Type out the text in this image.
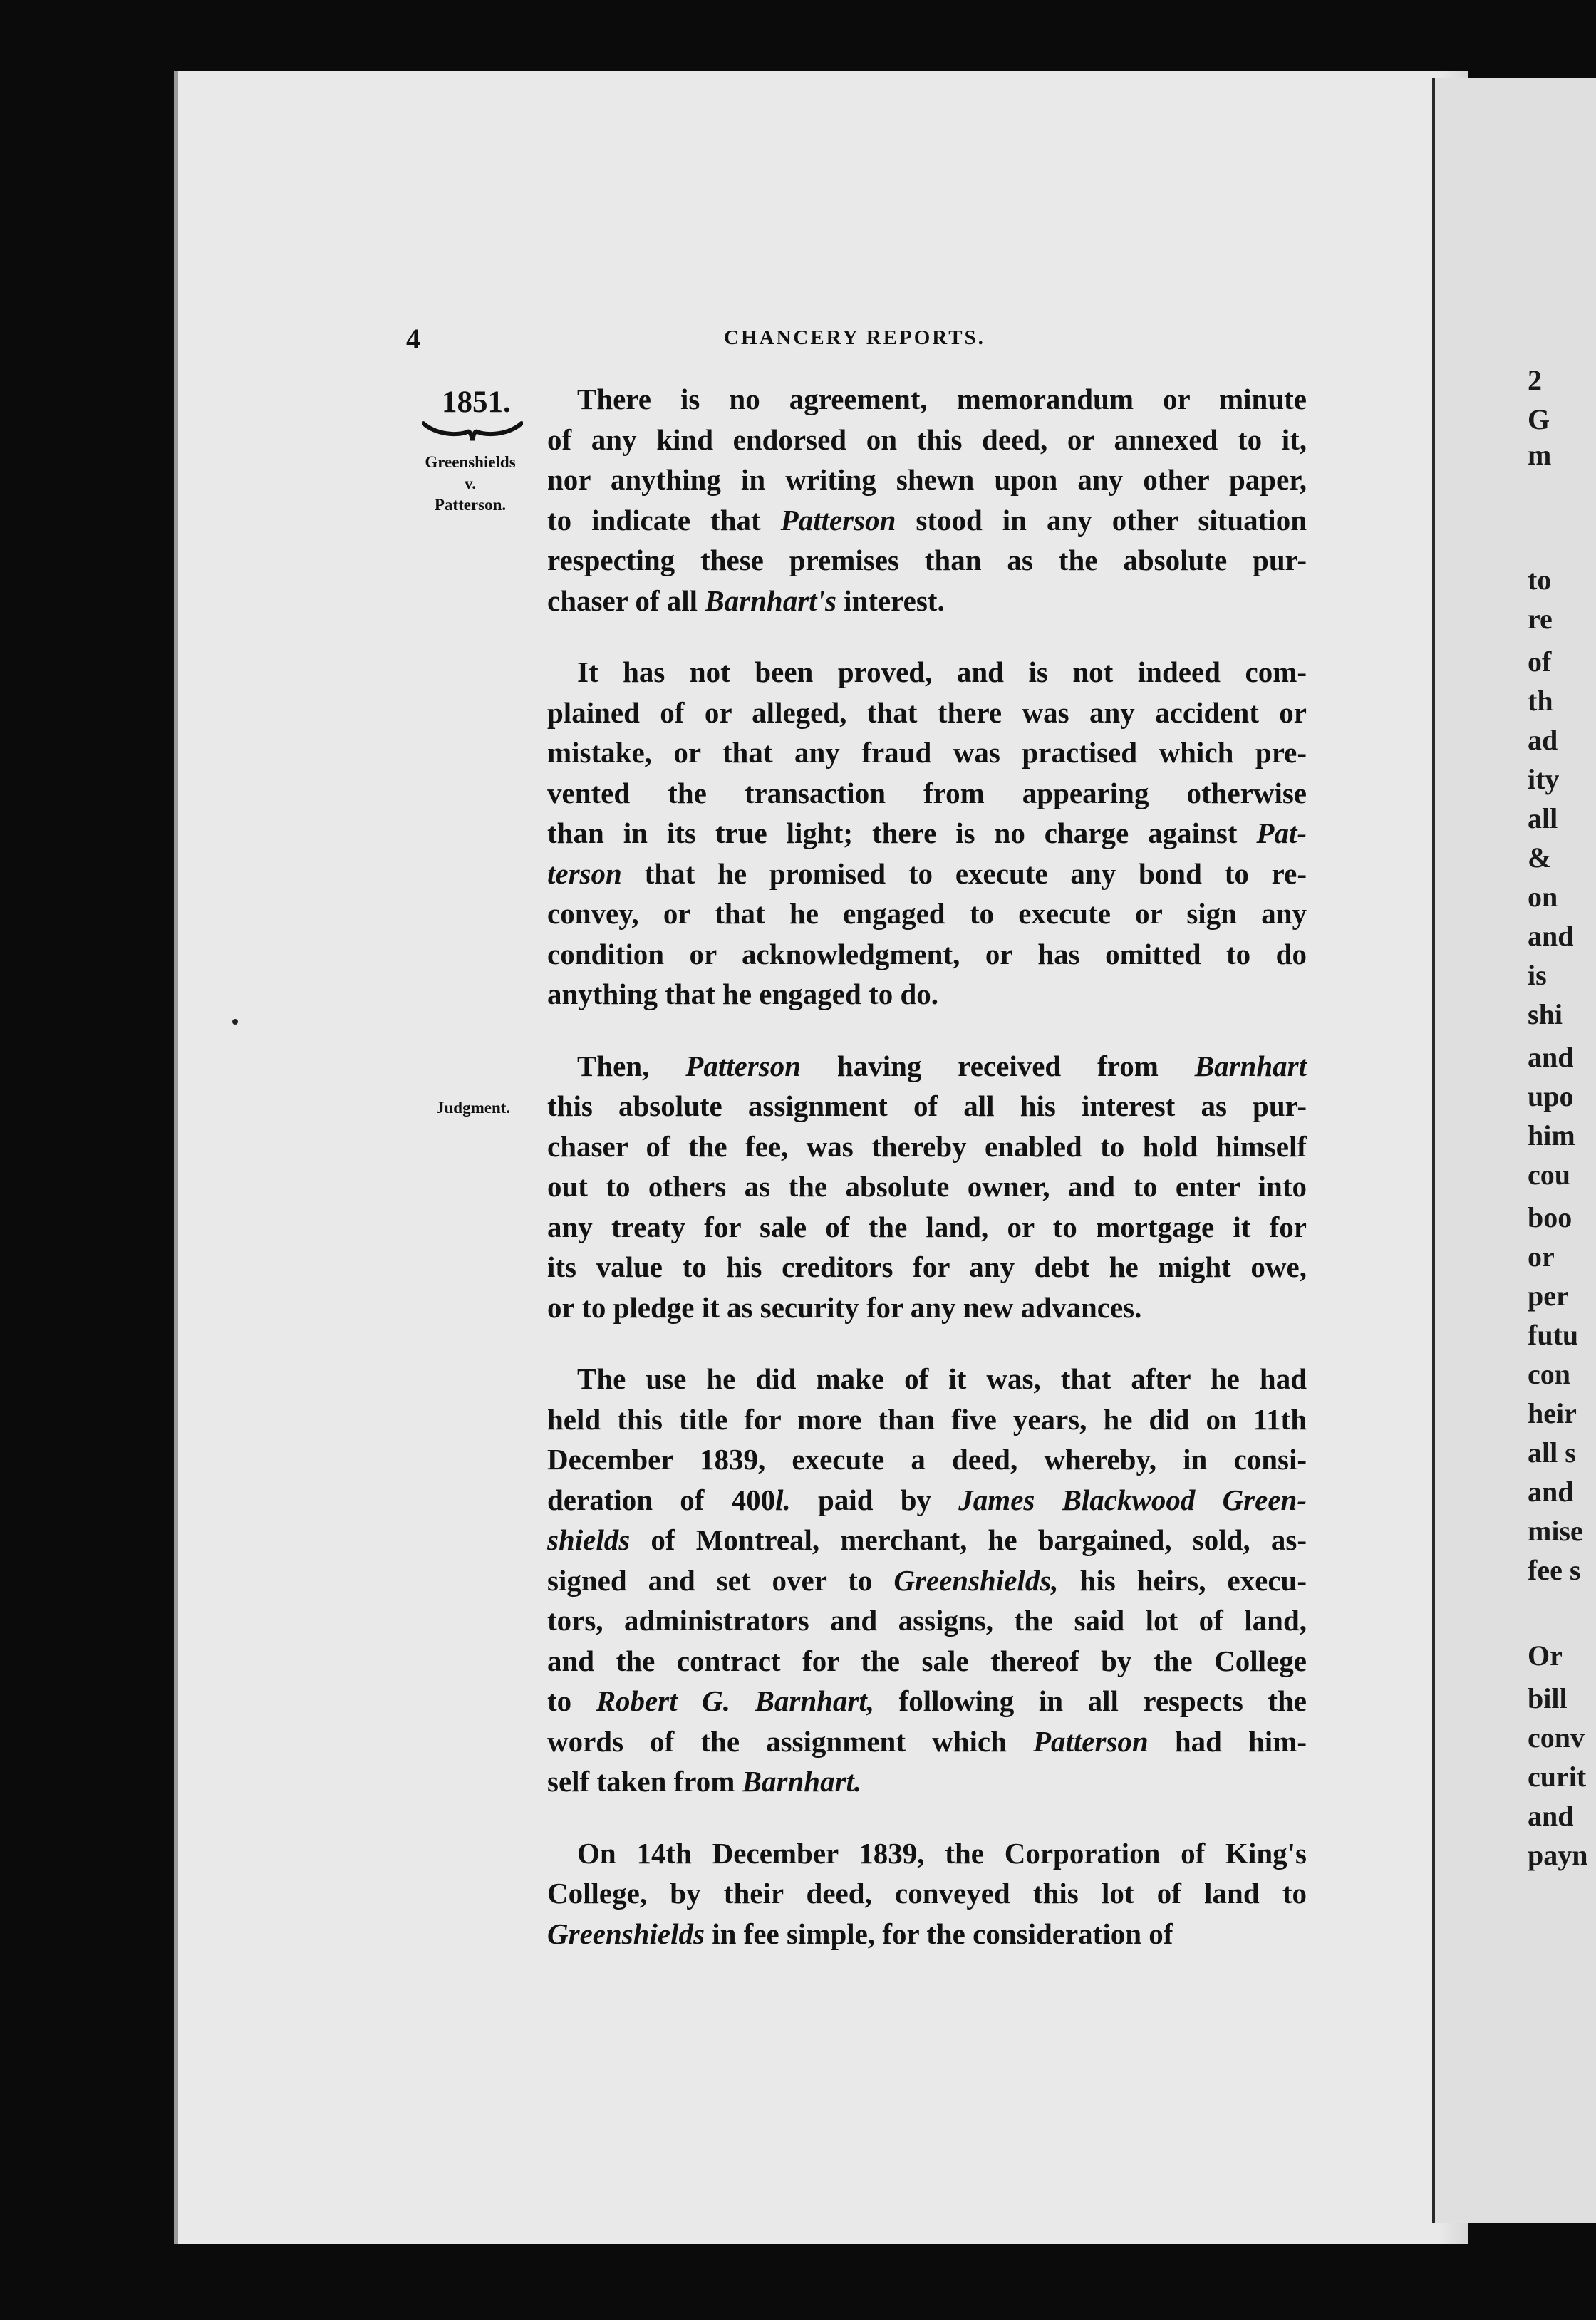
2
G
m
to
re
of
th
ad
ity
all
&
on
and
is
shi
and
upo
him
cou
boo
or
per
futu
con
heir
all s
and
mise
fee s
Or
bill
conv
curit
and
payn
4	CHANCERY REPORTS.
1851.
Greenshields
v.
Patterson.
Judgment.
There is no agreement, memorandum or minute
of any kind endorsed on this deed, or annexed to it,
nor anything in writing shewn upon any other paper,
to indicate that Patterson stood in any other situation
respecting these premises than as the absolute pur-
chaser of all Barnhart's interest.
It has not been proved, and is not indeed com-
plained of or alleged, that there was any accident or
mistake, or that any fraud was practised which pre-
vented the transaction from appearing otherwise
than in its true light; there is no charge against Pat-
terson that he promised to execute any bond to re-
convey, or that he engaged to execute or sign any
condition or acknowledgment, or has omitted to do
anything that he engaged to do.
Then, Patterson having received from Barnhart
this absolute assignment of all his interest as pur-
chaser of the fee, was thereby enabled to hold himself
out to others as the absolute owner, and to enter into
any treaty for sale of the land, or to mortgage it for
its value to his creditors for any debt he might owe,
or to pledge it as security for any new advances.
The use he did make of it was, that after he had
held this title for more than five years, he did on 11th
December 1839, execute a deed, whereby, in consi-
deration of 400l. paid by James Blackwood Green-
shields of Montreal, merchant, he bargained, sold, as-
signed and set over to Greenshields, his heirs, execu-
tors, administrators and assigns, the said lot of land,
and the contract for the sale thereof by the College
to Robert G. Barnhart, following in all respects the
words of the assignment which Patterson had him-
self taken from Barnhart.
On 14th December 1839, the Corporation of King's
College, by their deed, conveyed this lot of land to
Greenshields in fee simple, for the consideration of
